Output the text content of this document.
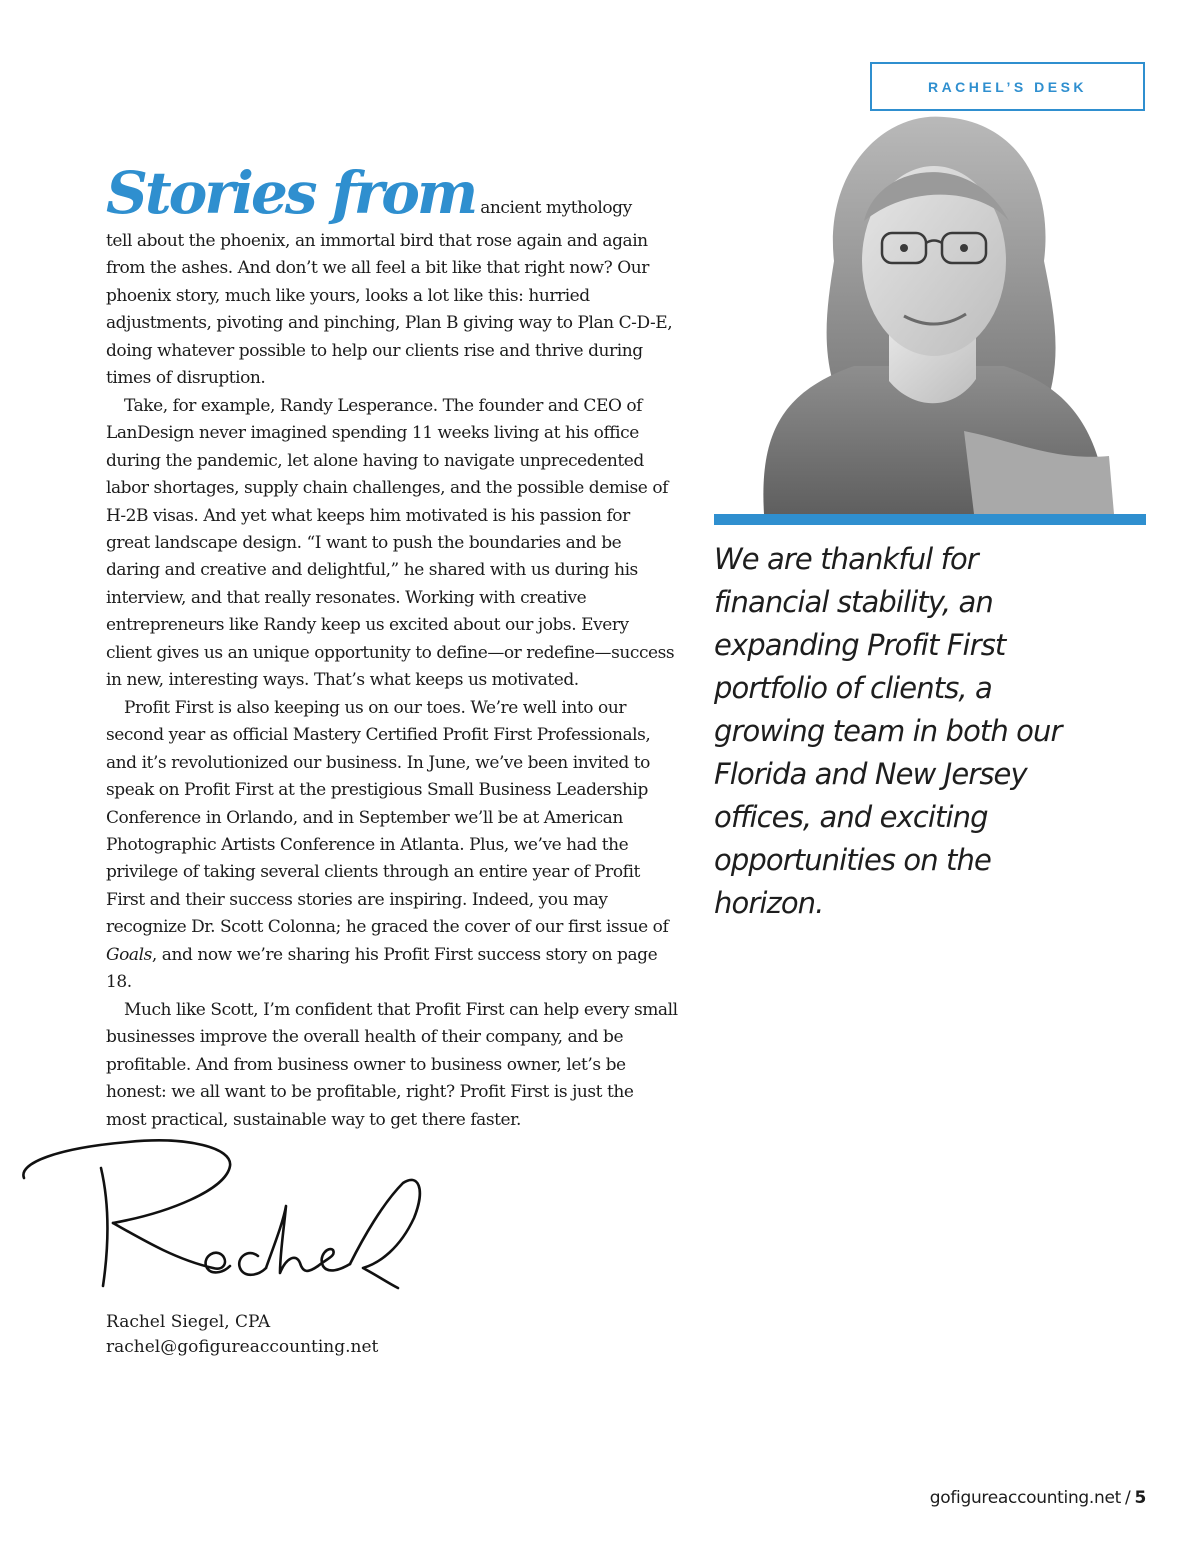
RACHEL’S DESK

We are thankful for financial stability, an expanding Profit First portfolio of clients, a growing team in both our Florida and New Jersey offices, and exciting opportunities on the horizon.

Stories from ancient mythology
tell about the phoenix, an immortal bird that rose again and again from the ashes. And don’t we all feel a bit like that right now? Our phoenix story, much like yours, looks a lot like this: hurried adjustments, pivoting and pinching, Plan B giving way to Plan C-D-E, doing whatever possible to help our clients rise and thrive during times of disruption.

Take, for example, Randy Lesperance. The founder and CEO of LanDesign never imagined spending 11 weeks living at his office during the pandemic, let alone having to navigate unprecedented labor shortages, supply chain challenges, and the possible demise of H-2B visas. And yet what keeps him motivated is his passion for great landscape design. “I want to push the boundaries and be daring and creative and delightful,” he shared with us during his interview, and that really resonates. Working with creative entrepreneurs like Randy keep us excited about our jobs. Every client gives us an unique opportunity to define—or redefine—success in new, interesting ways. That’s what keeps us motivated.

Profit First is also keeping us on our toes. We’re well into our second year as official Mastery Certified Profit First Professionals, and it’s revolutionized our business. In June, we’ve been invited to speak on Profit First at the prestigious Small Business Leadership Conference in Orlando, and in September we’ll be at American Photographic Artists Conference in Atlanta. Plus, we’ve had the privilege of taking several clients through an entire year of Profit First and their success stories are inspiring. Indeed, you may recognize Dr. Scott Colonna; he graced the cover of our first issue of Goals, and now we’re sharing his Profit First success story on page 18.

Much like Scott, I’m confident that Profit First can help every small businesses improve the overall health of their company, and be profitable. And from business owner to business owner, let’s be honest: we all want to be profitable, right? Profit First is just the most practical, sustainable way to get there faster.

Rachel Siegel, CPA
rachel@gofigureaccounting.net
gofigureaccounting.net / 5
